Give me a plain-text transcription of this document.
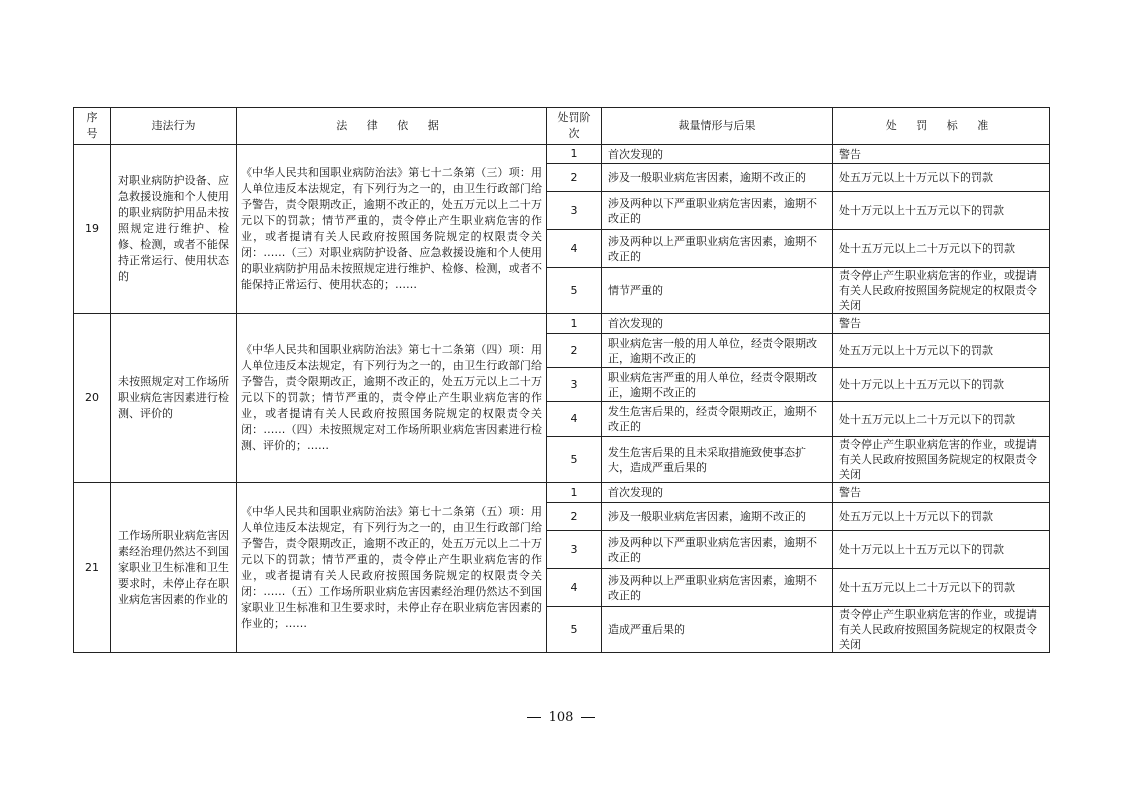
序号	违法行为	法 律 依 据	处罚阶次	裁量情形与后果	处 罚 标 准
19	对职业病防护设备、应急救援设施和个人使用的职业病防护用品未按照规定进行维护、检修、检测，或者不能保持正常运行、使用状态的	《中华人民共和国职业病防治法》第七十二条第（三）项：用人单位违反本法规定，有下列行为之一的，由卫生行政部门给予警告，责令限期改正，逾期不改正的，处五万元以上二十万元以下的罚款；情节严重的，责令停止产生职业病危害的作业，或者提请有关人民政府按照国务院规定的权限责令关闭：……（三）对职业病防护设备、应急救援设施和个人使用的职业病防护用品未按照规定进行维护、检修、检测，或者不能保持正常运行、使用状态的；……	1	首次发现的	警告
			2	涉及一般职业病危害因素，逾期不改正的	处五万元以上十万元以下的罚款
			3	涉及两种以下严重职业病危害因素，逾期不改正的	处十万元以上十五万元以下的罚款
			4	涉及两种以上严重职业病危害因素，逾期不改正的	处十五万元以上二十万元以下的罚款
			5	情节严重的	责令停止产生职业病危害的作业，或提请有关人民政府按照国务院规定的权限责令关闭
20	未按照规定对工作场所职业病危害因素进行检测、评价的	《中华人民共和国职业病防治法》第七十二条第（四）项：用人单位违反本法规定，有下列行为之一的，由卫生行政部门给予警告，责令限期改正，逾期不改正的，处五万元以上二十万元以下的罚款；情节严重的，责令停止产生职业病危害的作业，或者提请有关人民政府按照国务院规定的权限责令关闭：……（四）未按照规定对工作场所职业病危害因素进行检测、评价的；……	1	首次发现的	警告
			2	职业病危害一般的用人单位，经责令限期改正，逾期不改正的	处五万元以上十万元以下的罚款
			3	职业病危害严重的用人单位，经责令限期改正，逾期不改正的	处十万元以上十五万元以下的罚款
			4	发生危害后果的，经责令限期改正，逾期不改正的	处十五万元以上二十万元以下的罚款
			5	发生危害后果的且未采取措施致使事态扩大，造成严重后果的	责令停止产生职业病危害的作业，或提请有关人民政府按照国务院规定的权限责令关闭
21	工作场所职业病危害因素经治理仍然达不到国家职业卫生标准和卫生要求时，未停止存在职业病危害因素的作业的	《中华人民共和国职业病防治法》第七十二条第（五）项：用人单位违反本法规定，有下列行为之一的，由卫生行政部门给予警告，责令限期改正，逾期不改正的，处五万元以上二十万元以下的罚款；情节严重的，责令停止产生职业病危害的作业，或者提请有关人民政府按照国务院规定的权限责令关闭：……（五）工作场所职业病危害因素经治理仍然达不到国家职业卫生标准和卫生要求时，未停止存在职业病危害因素的作业的；……	1	首次发现的	警告
			2	涉及一般职业病危害因素，逾期不改正的	处五万元以上十万元以下的罚款
			3	涉及两种以下严重职业病危害因素，逾期不改正的	处十万元以上十五万元以下的罚款
			4	涉及两种以上严重职业病危害因素，逾期不改正的	处十五万元以上二十万元以下的罚款
			5	造成严重后果的	责令停止产生职业病危害的作业，或提请有关人民政府按照国务院规定的权限责令关闭
108
